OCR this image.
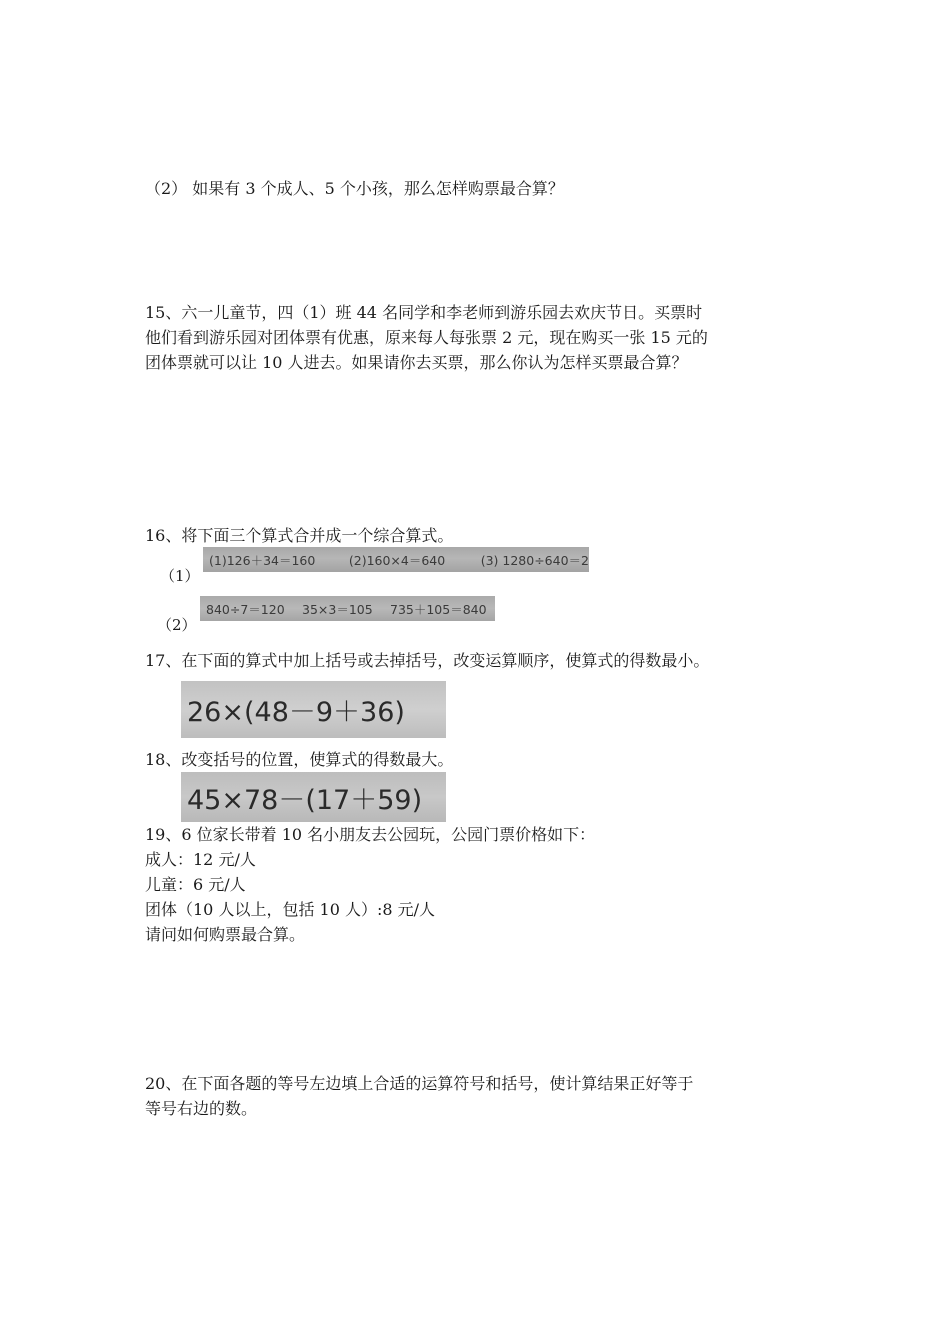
（2） 如果有 3 个成人、5 个小孩，那么怎样购票最合算？
15、六一儿童节，四（1）班 44 名同学和李老师到游乐园去欢庆节日。买票时
他们看到游乐园对团体票有优惠，原来每人每张票 2 元，现在购买一张 15 元的
团体票就可以让 10 人进去。如果请你去买票，那么你认为怎样买票最合算？
16、将下面三个算式合并成一个综合算式。
（1）
(1)126＋34＝160	(2)160×4＝640	(3) 1280÷640＝2
（2）
840÷7＝120	35×3＝105	735＋105＝840
17、在下面的算式中加上括号或去掉括号，改变运算顺序，使算式的得数最小。
26×(48－9＋36)
18、改变括号的位置，使算式的得数最大。
45×78－(17＋59)
19、6 位家长带着 10 名小朋友去公园玩，公园门票价格如下：
成人：12 元/人
儿童：6 元/人
团体（10 人以上，包括 10 人）:8 元/人
请问如何购票最合算。
20、在下面各题的等号左边填上合适的运算符号和括号，使计算结果正好等于
等号右边的数。
